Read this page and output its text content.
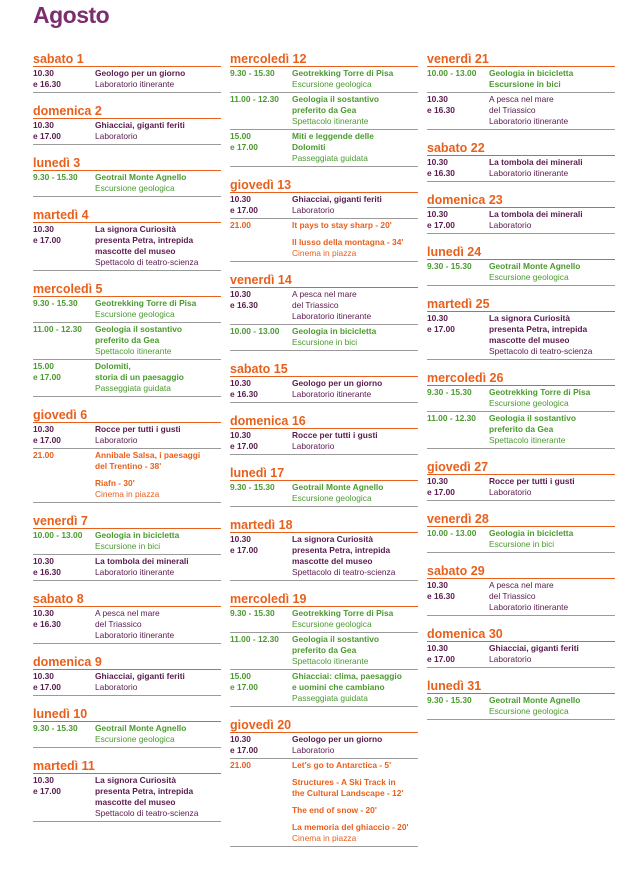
Agosto
sabato 1
10.30
e 16.30
Geologo per un giorno
Laboratorio itinerante
domenica 2
10.30
e 17.00
Ghiacciai, giganti feriti
Laboratorio
lunedì 3
9.30 - 15.30	Geotrail Monte Agnello
Escursione geologica
martedì 4
10.30
e 17.00
La signora Curiosità
presenta Petra, intrepida
mascotte del museo
Spettacolo di teatro-scienza
mercoledì 5
9.30 - 15.30	Geotrekking Torre di Pisa
Escursione geologica
11.00 - 12.30	Geologia il sostantivo
preferito da Gea
Spettacolo itinerante
15.00
e 17.00
Dolomiti,
storia di un paesaggio
Passeggiata guidata
giovedì 6
10.30
e 17.00
Rocce per tutti i gusti
Laboratorio
21.00	Annibale Salsa, i paesaggi
del Trentino - 38'
Riafn - 30'
Cinema in piazza
venerdì 7
10.00 - 13.00	Geologia in bicicletta
Escursione in bici
10.30
e 16.30
La tombola dei minerali
Laboratorio itinerante
sabato 8
10.30
e 16.30
A pesca nel mare
del Triassico
Laboratorio itinerante
domenica 9
10.30
e 17.00
Ghiacciai, giganti feriti
Laboratorio
lunedì 10
9.30 - 15.30	Geotrail Monte Agnello
Escursione geologica
martedì 11
10.30
e 17.00
La signora Curiosità
presenta Petra, intrepida
mascotte del museo
Spettacolo di teatro-scienza
mercoledì 12
9.30 - 15.30	Geotrekking Torre di Pisa
Escursione geologica
11.00 - 12.30	Geologia il sostantivo
preferito da Gea
Spettacolo itinerante
15.00
e 17.00
Miti e leggende delle
Dolomiti
Passeggiata guidata
giovedì 13
10.30
e 17.00
Ghiacciai, giganti feriti
Laboratorio
21.00	It pays to stay sharp - 20'
Il lusso della montagna - 34'
Cinema in piazza
venerdì 14
10.30
e 16.30
A pesca nel mare
del Triassico
Laboratorio itinerante
10.00 - 13.00	Geologia in bicicletta
Escursione in bici
sabato 15
10.30
e 16.30
Geologo per un giorno
Laboratorio itinerante
domenica 16
10.30
e 17.00
Rocce per tutti i gusti
Laboratorio
lunedì 17
9.30 - 15.30	Geotrail Monte Agnello
Escursione geologica
martedì 18
10.30
e 17.00
La signora Curiosità
presenta Petra, intrepida
mascotte del museo
Spettacolo di teatro-scienza
mercoledì 19
9.30 - 15.30	Geotrekking Torre di Pisa
Escursione geologica
11.00 - 12.30	Geologia il sostantivo
preferito da Gea
Spettacolo itinerante
15.00
e 17.00
Ghiacciai: clima, paesaggio
e uomini che cambiano
Passeggiata guidata
giovedì 20
10.30
e 17.00
Geologo per un giorno
Laboratorio
21.00	Let's go to Antarctica - 5'
Structures - A Ski Track in
the Cultural Landscape - 12'
The end of snow - 20'
La memoria del ghiaccio - 20'
Cinema in piazza
venerdì 21
10.00 - 13.00	Geologia in bicicletta
Escursione in bici
10.30
e 16.30
A pesca nel mare
del Triassico
Laboratorio itinerante
sabato 22
10.30
e 16.30
La tombola dei minerali
Laboratorio itinerante
domenica 23
10.30
e 17.00
La tombola dei minerali
Laboratorio
lunedì 24
9.30 - 15.30	Geotrail Monte Agnello
Escursione geologica
martedì 25
10.30
e 17.00
La signora Curiosità
presenta Petra, intrepida
mascotte del museo
Spettacolo di teatro-scienza
mercoledì 26
9.30 - 15.30	Geotrekking Torre di Pisa
Escursione geologica
11.00 - 12.30	Geologia il sostantivo
preferito da Gea
Spettacolo itinerante
giovedì 27
10.30
e 17.00
Rocce per tutti i gusti
Laboratorio
venerdì 28
10.00 - 13.00	Geologia in bicicletta
Escursione in bici
sabato 29
10.30
e 16.30
A pesca nel mare
del Triassico
Laboratorio itinerante
domenica 30
10.30
e 17.00
Ghiacciai, giganti feriti
Laboratorio
lunedì 31
9.30 - 15.30	Geotrail Monte Agnello
Escursione geologica
